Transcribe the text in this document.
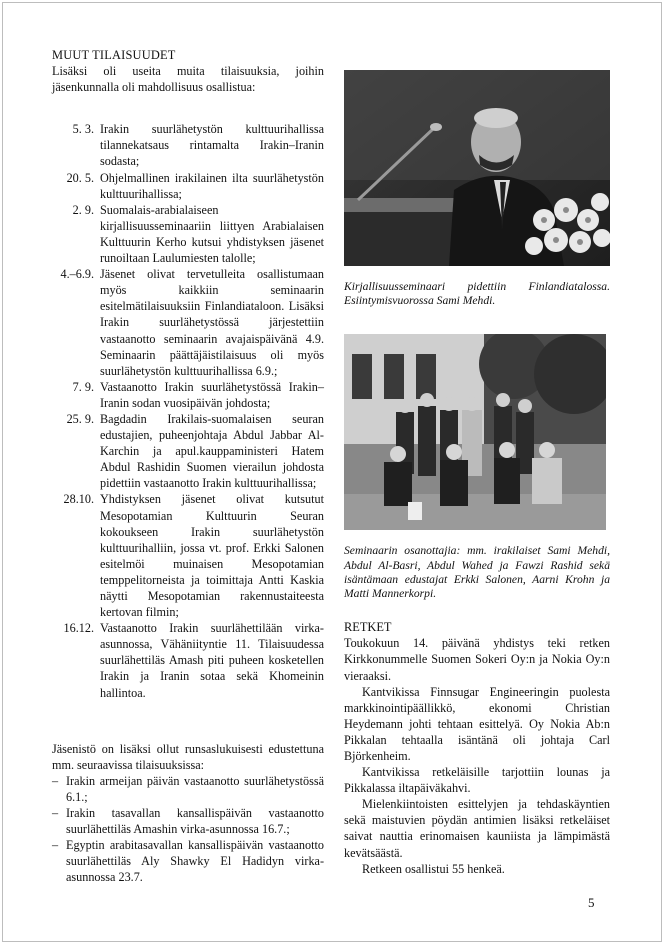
MUUT TILAISUUDET

Lisäksi oli useita muita tilaisuuksia, joihin jäsenkunnalla oli mahdollisuus osallistua:

5. 3. Irakin suurlähetystön kulttuurihallissa tilannekatsaus rintamalta Irakin–Iranin sodasta;
20. 5. Ohjelmallinen irakilainen ilta suurlähetystön kulttuurihallissa;
2. 9. Suomalais-arabialaiseen kirjallisuusseminaariin liittyen Arabialaisen Kulttuurin Kerho kutsui yhdistyksen jäsenet runoiltaan Laulumiesten talolle;
4.–6.9. Jäsenet olivat tervetulleita osallistumaan myös kaikkiin seminaarin esitelmätilaisuuksiin Finlandiataloon. Lisäksi Irakin suurlähetystössä järjestettiin vastaanotto seminaarin avajaispäivänä 4.9. Seminaarin päättäjäistilaisuus oli myös suurlähetystön kulttuurihallissa 6.9.;
7. 9. Vastaanotto Irakin suurlähetystössä Irakin–Iranin sodan vuosipäivän johdosta;
25. 9. Bagdadin Irakilais-suomalaisen seuran edustajien, puheenjohtaja Abdul Jabbar Al-Karchin ja apul.kauppaministeri Hatem Abdul Rashidin Suomen vierailun johdosta pidettiin vastaanotto Irakin kulttuurihallissa;
28.10. Yhdistyksen jäsenet olivat kutsutut Mesopotamian Kulttuurin Seuran kokoukseen Irakin suurlähetystön kulttuurihalliin, jossa vt. prof. Erkki Salonen esitelmöi muinaisen Mesopotamian temppelitorneista ja toimittaja Antti Kaskia näytti Mesopotamian rakennustaiteesta kertovan filmin;
16.12. Vastaanotto Irakin suurlähettilään virka-asunnossa, Vähäniityntie 11. Tilaisuudessa suurlähettiläs Amash piti puheen kosketellen Irakin ja Iranin sotaa sekä Khomeinin hallintoa.

Jäsenistö on lisäksi ollut runsaslukuisesti edustettuna mm. seuraavissa tilaisuuksissa:

– Irakin armeijan päivän vastaanotto suurlähetystössä 6.1.;
– Irakin tasavallan kansallispäivän vastaanotto suurlähettiläs Amashin virka-asunnossa 16.7.;
– Egyptin arabitasavallan kansallispäivän vastaanotto suurlähettiläs Aly Shawky El Hadidyn virka-asunnossa 23.7.

Kirjallisuusseminaari pidettiin Finlandiatalossa. Esiintymisvuorossa Sami Mehdi.

Seminaarin osanottajia: mm. irakilaiset Sami Mehdi, Abdul Al-Basri, Abdul Wahed ja Fawzi Rashid sekä isäntämaan edustajat Erkki Salonen, Aarni Krohn ja Matti Mannerkorpi.

RETKET

Toukokuun 14. päivänä yhdistys teki retken Kirkkonummelle Suomen Sokeri Oy:n ja Nokia Oy:n vieraaksi.

Kantvikissa Finnsugar Engineeringin puolesta markkinointipäällikkö, ekonomi Christian Heydemann johti tehtaan esittelyä. Oy Nokia Ab:n Pikkalan tehtaalla isäntänä oli johtaja Carl Björkenheim.

Kantvikissa retkeläisille tarjottiin lounas ja Pikkalassa iltapäiväkahvi.

Mielenkiintoisten esittelyjen ja tehdaskäyntien sekä maistuvien pöydän antimien lisäksi retkeläiset saivat nauttia erinomaisen kauniista ja lämpimästä kevätsäästä.

Retkeen osallistui 55 henkeä.

5
